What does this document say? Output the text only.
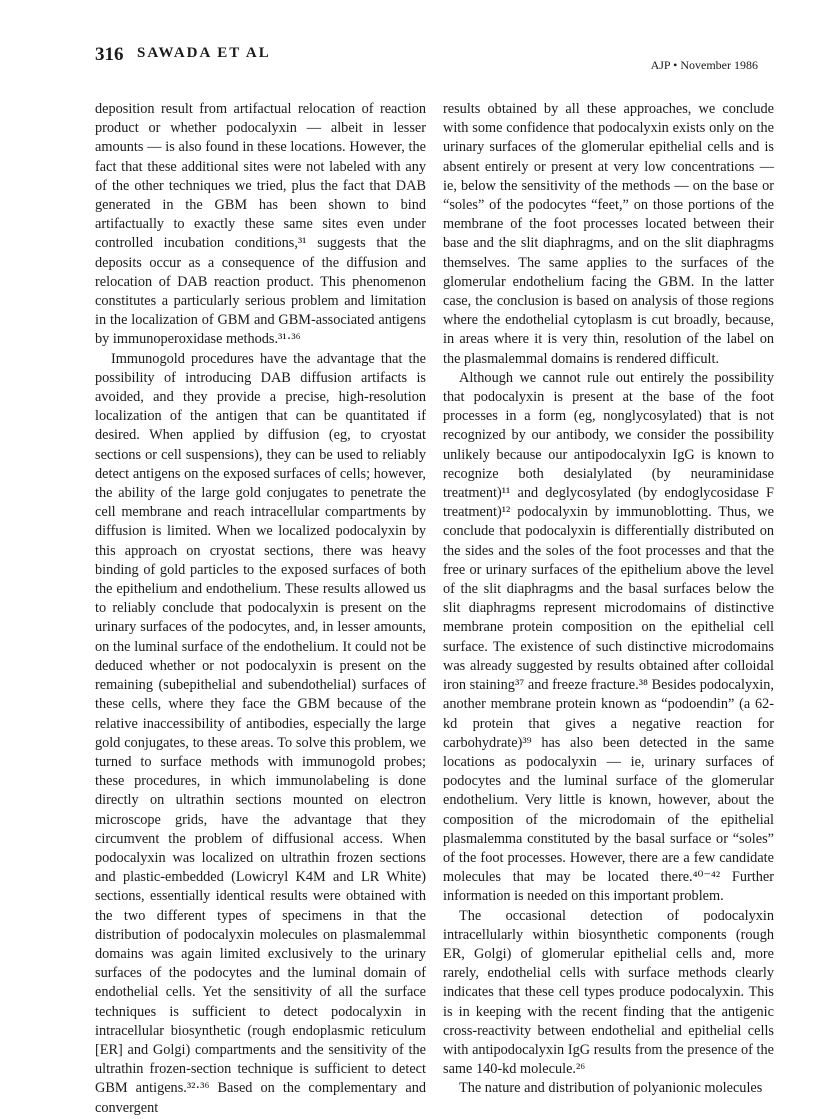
316 SAWADA ET AL
AJP • November 1986

deposition result from artifactual relocation of reaction product or whether podocalyxin — albeit in lesser amounts — is also found in these locations. However, the fact that these additional sites were not labeled with any of the other techniques we tried, plus the fact that DAB generated in the GBM has been shown to bind artifactually to exactly these same sites even under controlled incubation conditions,³¹ suggests that the deposits occur as a consequence of the diffusion and relocation of DAB reaction product. This phenomenon constitutes a particularly serious problem and limitation in the localization of GBM and GBM-associated antigens by immunoperoxidase methods.³¹·³⁶

Immunogold procedures have the advantage that the possibility of introducing DAB diffusion artifacts is avoided, and they provide a precise, high-resolution localization of the antigen that can be quantitated if desired. When applied by diffusion (eg, to cryostat sections or cell suspensions), they can be used to reliably detect antigens on the exposed surfaces of cells; however, the ability of the large gold conjugates to penetrate the cell membrane and reach intracellular compartments by diffusion is limited. When we localized podocalyxin by this approach on cryostat sections, there was heavy binding of gold particles to the exposed surfaces of both the epithelium and endothelium. These results allowed us to reliably conclude that podocalyxin is present on the urinary surfaces of the podocytes, and, in lesser amounts, on the luminal surface of the endothelium. It could not be deduced whether or not podocalyxin is present on the remaining (subepithelial and subendothelial) surfaces of these cells, where they face the GBM because of the relative inaccessibility of antibodies, especially the large gold conjugates, to these areas. To solve this problem, we turned to surface methods with immunogold probes; these procedures, in which immunolabeling is done directly on ultrathin sections mounted on electron microscope grids, have the advantage that they circumvent the problem of diffusional access. When podocalyxin was localized on ultrathin frozen sections and plastic-embedded (Lowicryl K4M and LR White) sections, essentially identical results were obtained with the two different types of specimens in that the distribution of podocalyxin molecules on plasmalemmal domains was again limited exclusively to the urinary surfaces of the podocytes and the luminal domain of endothelial cells. Yet the sensitivity of all the surface techniques is sufficient to detect podocalyxin in intracellular biosynthetic (rough endoplasmic reticulum [ER] and Golgi) compartments and the sensitivity of the ultrathin frozen-section technique is sufficient to detect GBM antigens.³²·³⁶ Based on the complementary and convergent

results obtained by all these approaches, we conclude with some confidence that podocalyxin exists only on the urinary surfaces of the glomerular epithelial cells and is absent entirely or present at very low concentrations — ie, below the sensitivity of the methods — on the base or “soles” of the podocytes “feet,” on those portions of the membrane of the foot processes located between their base and the slit diaphragms, and on the slit diaphragms themselves. The same applies to the surfaces of the glomerular endothelium facing the GBM. In the latter case, the conclusion is based on analysis of those regions where the endothelial cytoplasm is cut broadly, because, in areas where it is very thin, resolution of the label on the plasmalemmal domains is rendered difficult.

Although we cannot rule out entirely the possibility that podocalyxin is present at the base of the foot processes in a form (eg, nonglycosylated) that is not recognized by our antibody, we consider the possibility unlikely because our antipodocalyxin IgG is known to recognize both desialylated (by neuraminidase treatment)¹¹ and deglycosylated (by endoglycosidase F treatment)¹² podocalyxin by immunoblotting. Thus, we conclude that podocalyxin is differentially distributed on the sides and the soles of the foot processes and that the free or urinary surfaces of the epithelium above the level of the slit diaphragms and the basal surfaces below the slit diaphragms represent microdomains of distinctive membrane protein composition on the epithelial cell surface. The existence of such distinctive microdomains was already suggested by results obtained after colloidal iron staining³⁷ and freeze fracture.³⁸ Besides podocalyxin, another membrane protein known as “podoendin” (a 62-kd protein that gives a negative reaction for carbohydrate)³⁹ has also been detected in the same locations as podocalyxin — ie, urinary surfaces of podocytes and the luminal surface of the glomerular endothelium. Very little is known, however, about the composition of the microdomain of the epithelial plasmalemma constituted by the basal surface or “soles” of the foot processes. However, there are a few candidate molecules that may be located there.⁴⁰⁻⁴² Further information is needed on this important problem.

The occasional detection of podocalyxin intracellularly within biosynthetic components (rough ER, Golgi) of glomerular epithelial cells and, more rarely, endothelial cells with surface methods clearly indicates that these cell types produce podocalyxin. This is in keeping with the recent finding that the antigenic cross-reactivity between endothelial and epithelial cells with antipodocalyxin IgG results from the presence of the same 140-kd molecule.²⁶

The nature and distribution of polyanionic molecules
